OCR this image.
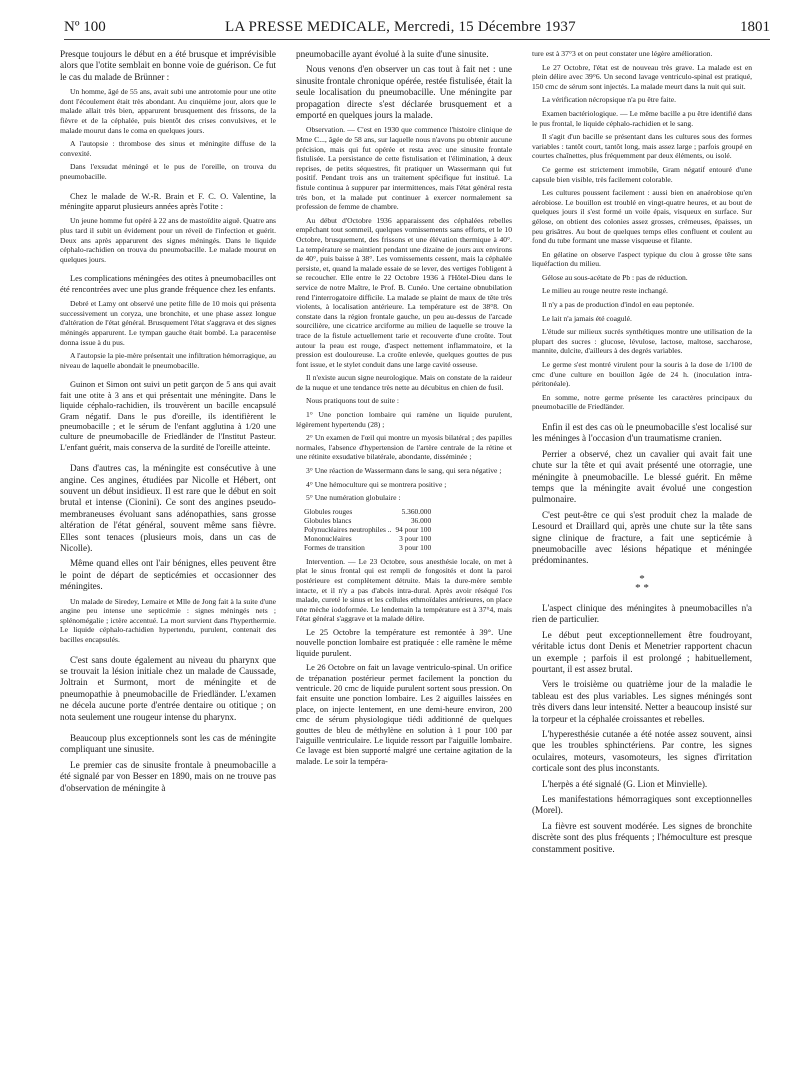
Nº 100	LA PRESSE MEDICALE, Mercredi, 15 Décembre 1937	1801

Presque toujours le début en a été brusque et imprévisible alors que l'otite semblait en bonne voie de guérison. Ce fut le cas du malade de Brünner :

Un homme, âgé de 55 ans, avait subi une antrotomie pour une otite dont l'écoulement était très abondant. Au cinquième jour, alors que le malade allait très bien, apparurent brusquement des frissons, de la fièvre et de la céphalée, puis bientôt des crises convulsives, et le malade mourut dans le coma en quelques jours.

A l'autopsie : thrombose des sinus et méningite diffuse de la convexité.

Dans l'exsudat méningé et le pus de l'oreille, on trouva du pneumobacille.

Chez le malade de W.-R. Brain et F. C. O. Valentine, la méningite apparut plusieurs années après l'otite :

Un jeune homme fut opéré à 22 ans de mastoïdite aiguë. Quatre ans plus tard il subit un évidement pour un réveil de l'infection et guérit. Deux ans après apparurent des signes méningés. Dans le liquide céphalo-rachidien on trouva du pneumobacille. Le malade mourut en quelques jours.

Les complications méningées des otites à pneumobacilles ont été rencontrées avec une plus grande fréquence chez les enfants.

Debré et Lamy ont observé une petite fille de 10 mois qui présenta successivement un coryza, une bronchite, et une phase assez longue d'altération de l'état général. Brusquement l'état s'aggrava et des signes méningés apparurent. Le tympan gauche était bombé. La paracentèse donna issue à du pus.

A l'autopsie la pie-mère présentait une infiltration hémorragique, au niveau de laquelle abondait le pneumobacille.

Guinon et Simon ont suivi un petit garçon de 5 ans qui avait fait une otite à 3 ans et qui présentait une méningite. Dans le liquide céphalo-rachidien, ils trouvèrent un bacille encapsulé Gram négatif. Dans le pus d'oreille, ils identifièrent le pneumobacille ; et le sérum de l'enfant agglutina à 1/20 une culture de pneumobacille de Friedländer de l'Institut Pasteur. L'enfant guérit, mais conserva de la surdité de l'oreille atteinte.

Dans d'autres cas, la méningite est consécutive à une angine. Ces angines, étudiées par Nicolle et Hébert, ont souvent un début insidieux. Il est rare que le début en soit brutal et intense (Cionini). Ce sont des angines pseudo-membraneuses évoluant sans adénopathies, sans grosse altération de l'état général, souvent même sans fièvre. Elles sont tenaces (plusieurs mois, dans un cas de Nicolle).

Même quand elles ont l'air bénignes, elles peuvent être le point de départ de septicémies et occasionner des méningites.

Un malade de Siredey, Lemaire et Mlle de Jong fait à la suite d'une angine peu intense une septicémie : signes méningés nets ; splénomégalie ; ictère accentué. La mort survient dans l'hyperthermie. Le liquide céphalo-rachidien hypertendu, purulent, contenait des bacilles encapsulés.

C'est sans doute également au niveau du pharynx que se trouvait la lésion initiale chez un malade de Caussade, Joltrain et Surmont, mort de méningite et de pneumopathie à pneumobacille de Friedländer. L'examen ne décela aucune porte d'entrée dentaire ou otitique ; on nota seulement une rougeur intense du pharynx.

Beaucoup plus exceptionnels sont les cas de méningite compliquant une sinusite.

Le premier cas de sinusite frontale à pneumobacille a été signalé par von Besser en 1890, mais on ne trouve pas d'observation de méningite à

pneumobacille ayant évolué à la suite d'une sinusite.

Nous venons d'en observer un cas tout à fait net : une sinusite frontale chronique opérée, restée fistulisée, était la seule localisation du pneumobacille. Une méningite par propagation directe s'est déclarée brusquement et a emporté en quelques jours la malade.

Observation. — C'est en 1930 que commence l'histoire clinique de Mme C..., âgée de 58 ans, sur laquelle nous n'avons pu obtenir aucune précision, mais qui fut opérée et resta avec une sinusite frontale fistulisée. La persistance de cette fistulisation et l'élimination, à deux reprises, de petits séquestres, fit pratiquer un Wassermann qui fut positif. Pendant trois ans un traitement spécifique fut institué. La fistule continua à suppurer par intermittences, mais l'état général resta très bon, et la malade put continuer à exercer normalement sa profession de femme de chambre.

Au début d'Octobre 1936 apparaissent des céphalées rebelles empêchant tout sommeil, quelques vomissements sans efforts, et le 10 Octobre, brusquement, des frissons et une élévation thermique à 40°. La température se maintient pendant une dizaine de jours aux environs de 40°, puis baisse à 38°. Les vomissements cessent, mais la céphalée persiste, et, quand la malade essaie de se lever, des vertiges l'obligent à se recoucher. Elle entre le 22 Octobre 1936 à l'Hôtel-Dieu dans le service de notre Maître, le Prof. B. Cunéo. Une certaine obnubilation rend l'interrogatoire difficile. La malade se plaint de maux de tête très violents, à localisation antérieure. La température est de 38°8. On constate dans la région frontale gauche, un peu au-dessus de l'arcade sourcilière, une cicatrice arciforme au milieu de laquelle se trouve la trace de la fistule actuellement tarie et recouverte d'une croûte. Tout autour la peau est rouge, d'aspect nettement inflammatoire, et la pression est douloureuse. La croûte enlevée, quelques gouttes de pus font issue, et le stylet conduit dans une large cavité osseuse.

Il n'existe aucun signe neurologique. Mais on constate de la raideur de la nuque et une tendance très nette au décubitus en chien de fusil.

Nous pratiquons tout de suite :

1° Une ponction lombaire qui ramène un liquide purulent, légèrement hypertendu (28) ;

2° Un examen de l'œil qui montre un myosis bilatéral ; des papilles normales, l'absence d'hypertension de l'artère centrale de la rétine et une rétinite exsudative bilatérale, abondante, disséminée ;

3° Une réaction de Wassermann dans le sang, qui sera négative ;

4° Une hémoculture qui se montrera positive ;

5° Une numération globulaire :

Globules rouges	5.360.000
Globules blancs	36.000
Polynucléaires neutrophiles ..	94 pour 100
Mononucléaires	3 pour 100
Formes de transition	3 pour 100

Intervention. — Le 23 Octobre, sous anesthésie locale, on met à plat le sinus frontal qui est rempli de fongosités et dont la paroi postérieure est complètement détruite. Mais la dure-mère semble intacte, et il n'y a pas d'abcès intra-dural. Après avoir réséqué l'os malade, cureté le sinus et les cellules ethmoïdales antérieures, on place une mèche iodoformée. Le lendemain la température est à 37°4, mais l'état général s'aggrave et la malade délire.

Le 25 Octobre la température est remontée à 39°. Une nouvelle ponction lombaire est pratiquée : elle ramène le même liquide purulent.

Le 26 Octobre on fait un lavage ventriculo-spinal. Un orifice de trépanation postérieur permet facilement la ponction du ventricule. 20 cmc de liquide purulent sortent sous pression. On fait ensuite une ponction lombaire. Les 2 aiguilles laissées en place, on injecte lentement, en une demi-heure environ, 200 cmc de sérum physiologique tiédi additionné de quelques gouttes de bleu de méthylène en solution à 1 pour 100 par l'aiguille ventriculaire. Le liquide ressort par l'aiguille lombaire. Ce lavage est bien supporté malgré une certaine agitation de la malade. Le soir la tempéra-

ture est à 37°3 et on peut constater une légère amélioration.

Le 27 Octobre, l'état est de nouveau très grave. La malade est en plein délire avec 39°6. Un second lavage ventriculo-spinal est pratiqué, 150 cmc de sérum sont injectés. La malade meurt dans la nuit qui suit.

La vérification nécropsique n'a pu être faite.

Examen bactériologique. — Le même bacille a pu être identifié dans le pus frontal, le liquide céphalo-rachidien et le sang.

Il s'agit d'un bacille se présentant dans les cultures sous des formes variables : tantôt court, tantôt long, mais assez large ; parfois groupé en courtes chaînettes, plus fréquemment par deux éléments, ou isolé.

Ce germe est strictement immobile, Gram négatif entouré d'une capsule bien visible, très facilement colorable.

Les cultures poussent facilement : aussi bien en anaérobiose qu'en aérobiose. Le bouillon est troublé en vingt-quatre heures, et au bout de quelques jours il s'est formé un voile épais, visqueux en surface. Sur gélose, on obtient des colonies assez grosses, crémeuses, épaisses, un peu grisâtres. Au bout de quelques temps elles confluent et coulent au fond du tube formant une masse visqueuse et filante.

En gélatine on observe l'aspect typique du clou à grosse tête sans liquéfaction du milieu.

Gélose au sous-acétate de Pb : pas de réduction.

Le milieu au rouge neutre reste inchangé.

Il n'y a pas de production d'indol en eau peptonée.

Le lait n'a jamais été coagulé.

L'étude sur milieux sucrés synthétiques montre une utilisation de la plupart des sucres : glucose, lévulose, lactose, maltose, saccharose, mannite, dulcite, d'ailleurs à des degrés variables.

Le germe s'est montré virulent pour la souris à la dose de 1/100 de cmc d'une culture en bouillon âgée de 24 h. (inoculation intra-péritonéale).

En somme, notre germe présente les caractères principaux du pneumobacille de Friedländer.

Enfin il est des cas où le pneumobacille s'est localisé sur les méninges à l'occasion d'un traumatisme cranien.

Perrier a observé, chez un cavalier qui avait fait une chute sur la tête et qui avait présenté une otorragie, une méningite à pneumobacille. Le blessé guérit. En même temps que la méningite avait évolué une congestion pulmonaire.

C'est peut-être ce qui s'est produit chez la malade de Lesourd et Draillard qui, après une chute sur la tête sans signe clinique de fracture, a fait une septicémie à pneumobacille avec lésions hépatique et méningée prédominantes.

*
* *

L'aspect clinique des méningites à pneumobacilles n'a rien de particulier.

Le début peut exceptionnellement être foudroyant, véritable ictus dont Denis et Menetrier rapportent chacun un exemple ; parfois il est prolongé ; habituellement, pourtant, il est assez brutal.

Vers le troisième ou quatrième jour de la maladie le tableau est des plus variables. Les signes méningés sont très divers dans leur intensité. Netter a beaucoup insisté sur la torpeur et la céphalée croissantes et rebelles.

L'hyperesthésie cutanée a été notée assez souvent, ainsi que les troubles sphinctériens. Par contre, les signes oculaires, moteurs, vasomoteurs, les signes d'irritation corticale sont des plus inconstants.

L'herpès a été signalé (G. Lion et Minvielle).

Les manifestations hémorragiques sont exceptionnelles (Morel).

La fièvre est souvent modérée. Les signes de bronchite discrète sont des plus fréquents ; l'hémoculture est presque constamment positive.
